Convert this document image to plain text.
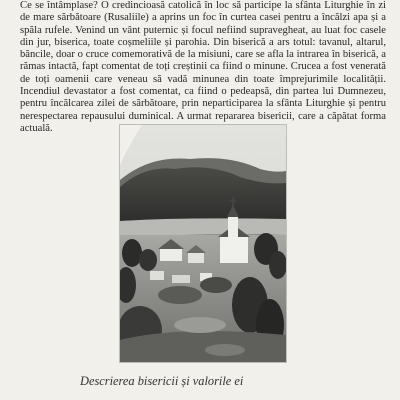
Ce se întâmplase? O credincioasă catolică în loc să participe la sfânta Liturghie în zi de mare sărbătoare (Rusaliile) a aprins un foc în curtea casei pentru a încălzi apa și a spăla rufele. Venind un vânt puternic și focul nefiind supravegheat, au luat foc casele din jur, biserica, toate coșmeliile și parohia. Din biserică a ars totul: tavanul, altarul, băncile, doar o cruce comemorativă de la misiuni, care se afla la intrarea în biserică, a rămas intactă, fapt comentat de toți creștinii ca fiind o minune. Crucea a fost venerată de toți oamenii care veneau să vadă minunea din toate împrejurimile localității. Incendiul devastator a fost comentat, ca fiind o pedeapsă, din partea lui Dumnezeu, pentru încălcarea zilei de sărbătoare, prin neparticiparea la sfânta Liturghie și pentru nerespectarea repausului duminical. A urmat repararea bisericii, care a căpătat forma actuală.

Descrierea bisericii și valorile ei
